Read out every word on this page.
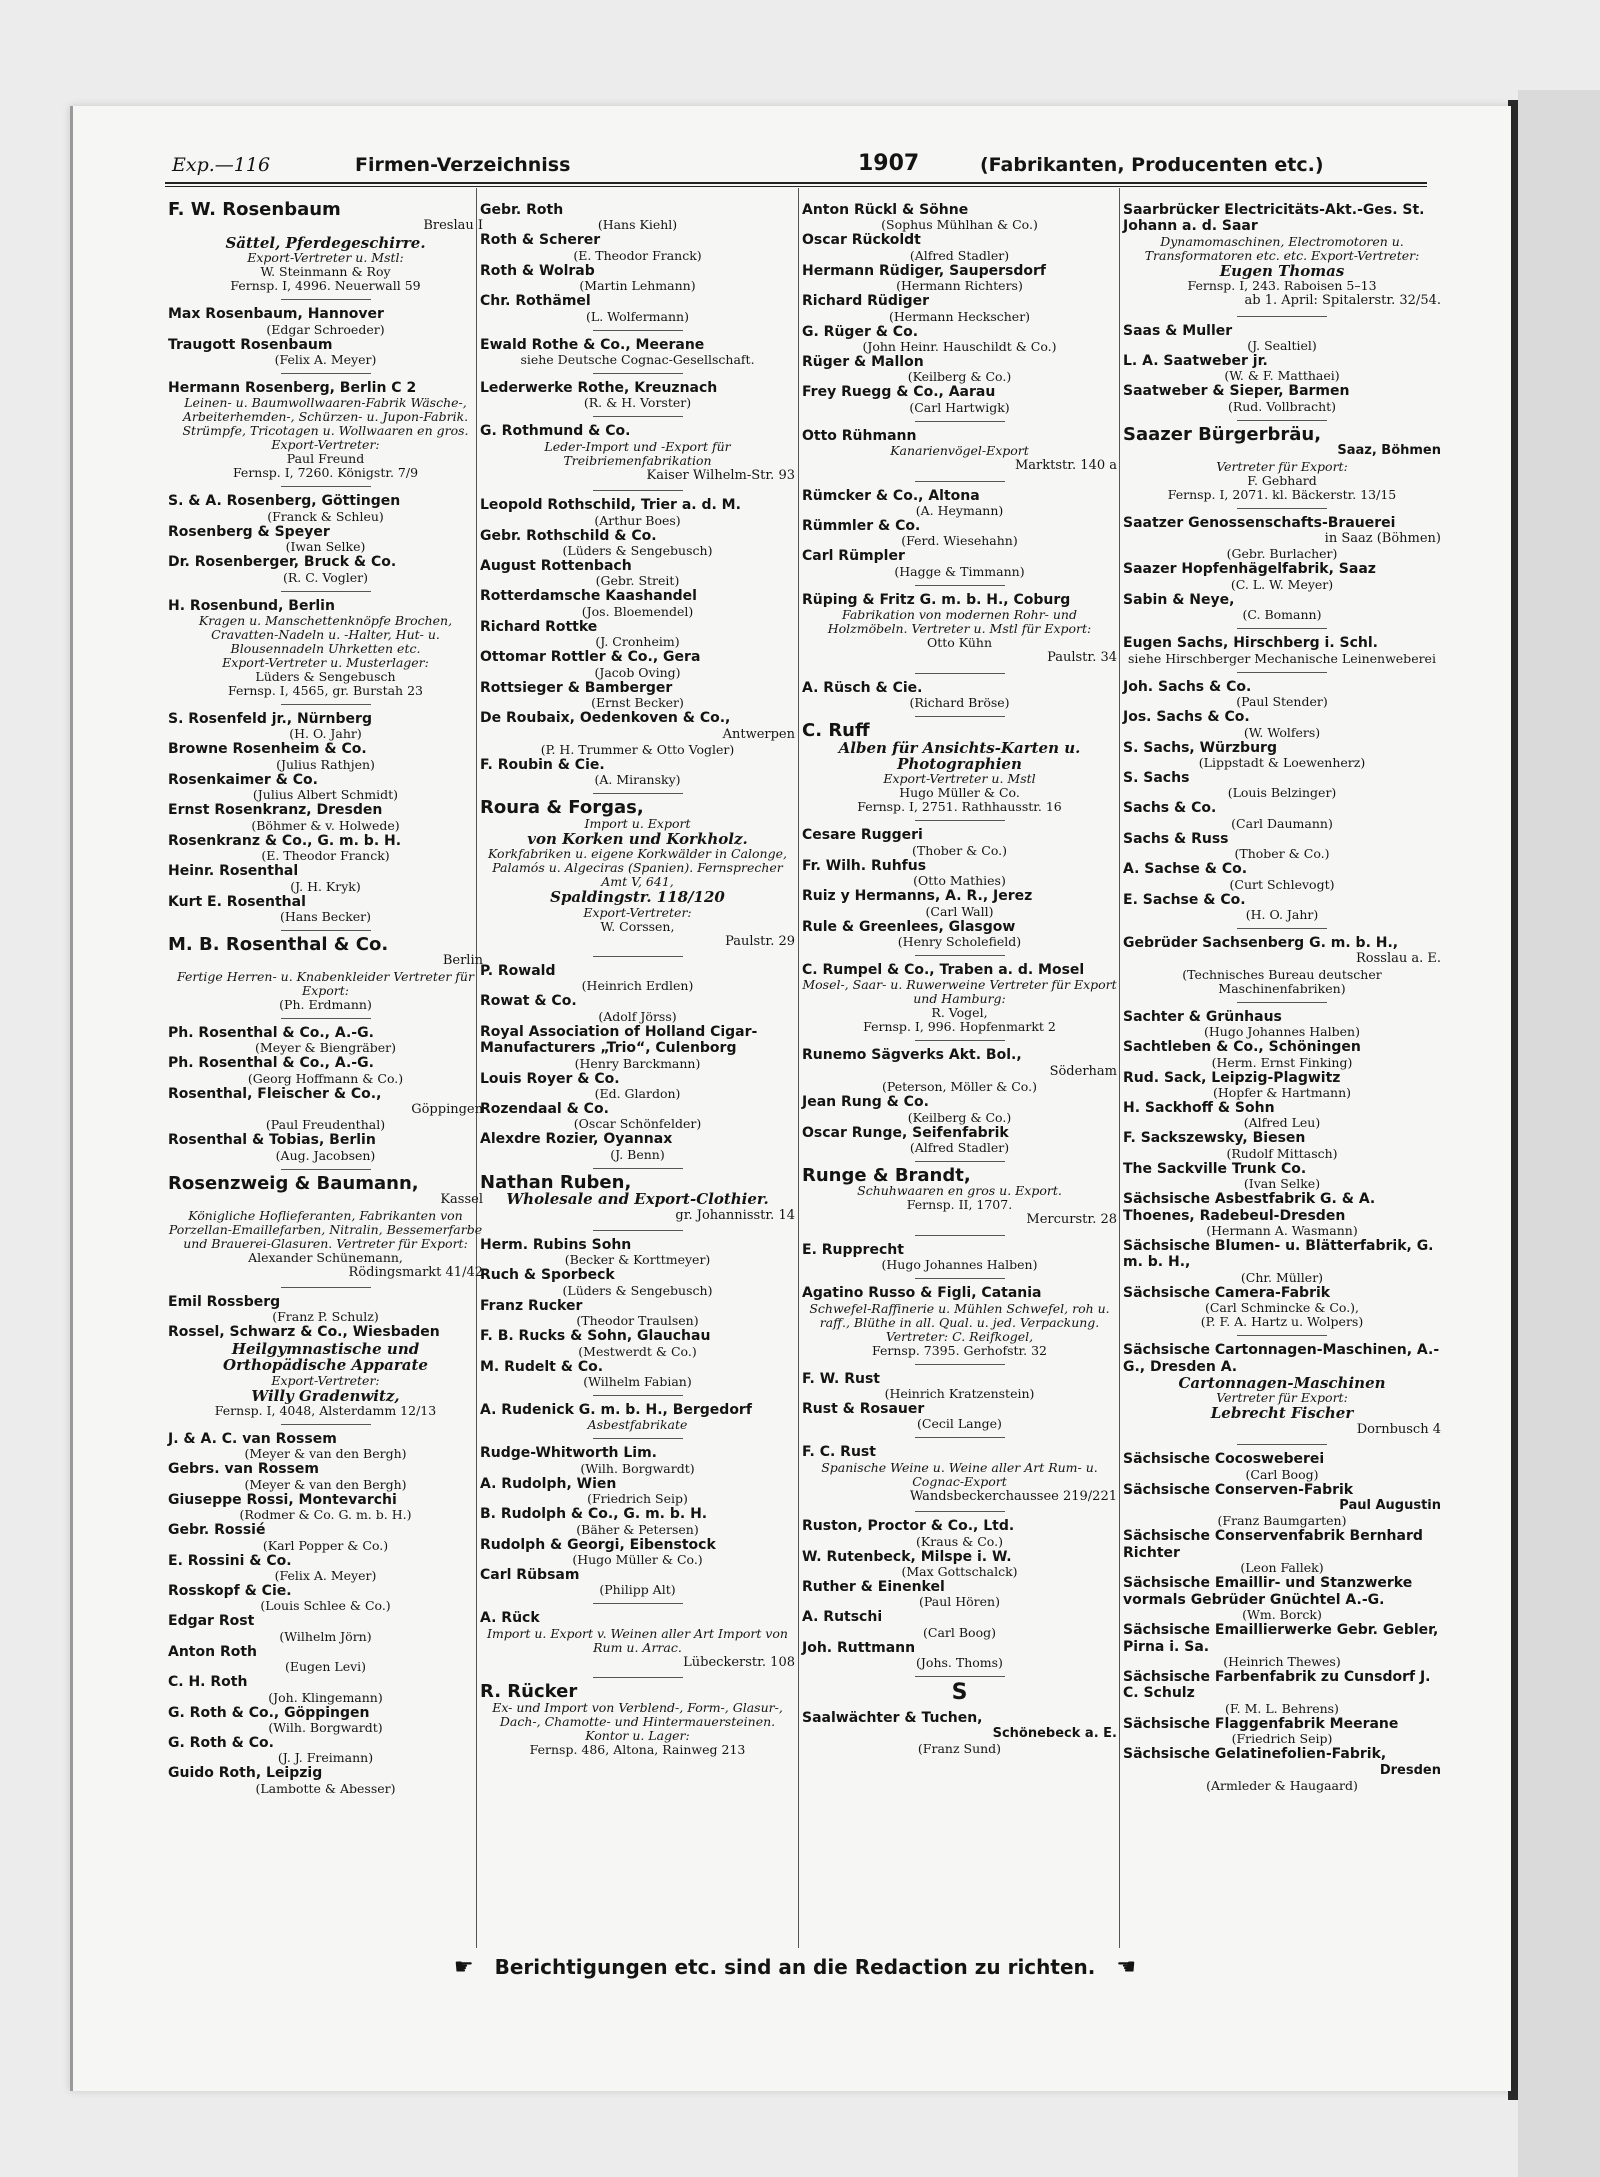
Exp.—116	Firmen-Verzeichniss	1907	(Fabrikanten, Producenten etc.)
F. W. Rosenbaum
Breslau I
Sättel, Pferdegeschirre.
Export-Vertreter u. Mstl:
W. Steinmann & Roy
Fernsp. I, 4996. Neuerwall 59
Max Rosenbaum, Hannover
(Edgar Schroeder)
Traugott Rosenbaum
(Felix A. Meyer)
Hermann Rosenberg, Berlin C 2
Leinen- u. Baumwollwaaren-Fabrik Wäsche-, Arbeiterhemden-, Schürzen- u. Jupon-Fabrik. Strümpfe, Tricotagen u. Wollwaaren en gros.
Export-Vertreter:
Paul Freund
Fernsp. I, 7260. Königstr. 7/9
S. & A. Rosenberg, Göttingen
(Franck & Schleu)
Rosenberg & Speyer
(Iwan Selke)
Dr. Rosenberger, Bruck & Co.
(R. C. Vogler)
H. Rosenbund, Berlin
Kragen u. Manschettenknöpfe Brochen, Cravatten-Nadeln u. -Halter, Hut- u. Blousennadeln Uhrketten etc.
Export-Vertreter u. Musterlager:
Lüders & Sengebusch
Fernsp. I, 4565, gr. Burstah 23
S. Rosenfeld jr., Nürnberg
(H. O. Jahr)
Browne Rosenheim & Co.
(Julius Rathjen)
Rosenkaimer & Co.
(Julius Albert Schmidt)
Ernst Rosenkranz, Dresden
(Böhmer & v. Holwede)
Rosenkranz & Co., G. m. b. H.
(E. Theodor Franck)
Heinr. Rosenthal
(J. H. Kryk)
Kurt E. Rosenthal
(Hans Becker)
M. B. Rosenthal & Co.
Berlin
Fertige Herren- u. Knabenkleider Vertreter für Export:
(Ph. Erdmann)
Ph. Rosenthal & Co., A.-G.
(Meyer & Biengräber)
Ph. Rosenthal & Co., A.-G.
(Georg Hoffmann & Co.)
Rosenthal, Fleischer & Co.,
Göppingen
(Paul Freudenthal)
Rosenthal & Tobias, Berlin
(Aug. Jacobsen)
Rosenzweig & Baumann,
Kassel
Königliche Hoflieferanten, Fabrikanten von Porzellan-Emaillefarben, Nitralin, Bessemerfarbe und Brauerei-Glasuren. Vertreter für Export:
Alexander Schünemann,
Rödingsmarkt 41/42
Emil Rossberg
(Franz P. Schulz)
Rossel, Schwarz & Co., Wiesbaden
Heilgymnastische und Orthopädische Apparate
Export-Vertreter:
Willy Gradenwitz,
Fernsp. I, 4048, Alsterdamm 12/13
J. & A. C. van Rossem
(Meyer & van den Bergh)
Gebrs. van Rossem
(Meyer & van den Bergh)
Giuseppe Rossi, Montevarchi
(Rodmer & Co. G. m. b. H.)
Gebr. Rossié
(Karl Popper & Co.)
E. Rossini & Co.
(Felix A. Meyer)
Rosskopf & Cie.
(Louis Schlee & Co.)
Edgar Rost
(Wilhelm Jörn)
Anton Roth
(Eugen Levi)
C. H. Roth
(Joh. Klingemann)
G. Roth & Co., Göppingen
(Wilh. Borgwardt)
G. Roth & Co.
(J. J. Freimann)
Guido Roth, Leipzig
(Lambotte & Abesser)
Gebr. Roth
(Hans Kiehl)
Roth & Scherer
(E. Theodor Franck)
Roth & Wolrab
(Martin Lehmann)
Chr. Rothämel
(L. Wolfermann)
Ewald Rothe & Co., Meerane
siehe Deutsche Cognac-Gesellschaft.
Lederwerke Rothe, Kreuznach
(R. & H. Vorster)
G. Rothmund & Co.
Leder-Import und -Export für Treibriemenfabrikation
Kaiser Wilhelm-Str. 93
Leopold Rothschild, Trier a. d. M.
(Arthur Boes)
Gebr. Rothschild & Co.
(Lüders & Sengebusch)
August Rottenbach
(Gebr. Streit)
Rotterdamsche Kaashandel
(Jos. Bloemendel)
Richard Rottke
(J. Cronheim)
Ottomar Rottler & Co., Gera
(Jacob Oving)
Rottsieger & Bamberger
(Ernst Becker)
De Roubaix, Oedenkoven & Co.,
Antwerpen
(P. H. Trummer & Otto Vogler)
F. Roubin & Cie.
(A. Miransky)
Roura & Forgas,
Import u. Export
von Korken und Korkholz.
Korkfabriken u. eigene Korkwälder in Calonge, Palamós u. Algeciras (Spanien). Fernsprecher Amt V, 641,
Spaldingstr. 118/120
Export-Vertreter:
W. Corssen,
Paulstr. 29
P. Rowald
(Heinrich Erdlen)
Rowat & Co.
(Adolf Jörss)
Royal Association of Holland Cigar-Manufacturers „Trio“, Culenborg
(Henry Barckmann)
Louis Royer & Co.
(Ed. Glardon)
Rozendaal & Co.
(Oscar Schönfelder)
Alexdre Rozier, Oyannax
(J. Benn)
Nathan Ruben,
Wholesale and Export-Clothier.
gr. Johannisstr. 14
Herm. Rubins Sohn
(Becker & Korttmeyer)
Ruch & Sporbeck
(Lüders & Sengebusch)
Franz Rucker
(Theodor Traulsen)
F. B. Rucks & Sohn, Glauchau
(Mestwerdt & Co.)
M. Rudelt & Co.
(Wilhelm Fabian)
A. Rudenick G. m. b. H., Bergedorf
Asbestfabrikate
Rudge-Whitworth Lim.
(Wilh. Borgwardt)
A. Rudolph, Wien
(Friedrich Seip)
B. Rudolph & Co., G. m. b. H.
(Bäher & Petersen)
Rudolph & Georgi, Eibenstock
(Hugo Müller & Co.)
Carl Rübsam
(Philipp Alt)
A. Rück
Import u. Export v. Weinen aller Art Import von Rum u. Arrac.
Lübeckerstr. 108
R. Rücker
Ex- und Import von Verblend-, Form-, Glasur-, Dach-, Chamotte- und Hintermauersteinen. Kontor u. Lager:
Fernsp. 486, Altona, Rainweg 213
Anton Rückl & Söhne
(Sophus Mühlhan & Co.)
Oscar Rückoldt
(Alfred Stadler)
Hermann Rüdiger, Saupersdorf
(Hermann Richters)
Richard Rüdiger
(Hermann Heckscher)
G. Rüger & Co.
(John Heinr. Hauschildt & Co.)
Rüger & Mallon
(Keilberg & Co.)
Frey Ruegg & Co., Aarau
(Carl Hartwigk)
Otto Rühmann
Kanarienvögel-Export
Marktstr. 140 a
Rümcker & Co., Altona
(A. Heymann)
Rümmler & Co.
(Ferd. Wiesehahn)
Carl Rümpler
(Hagge & Timmann)
Rüping & Fritz G. m. b. H., Coburg
Fabrikation von modernen Rohr- und Holzmöbeln. Vertreter u. Mstl für Export:
Otto Kühn
Paulstr. 34
A. Rüsch & Cie.
(Richard Bröse)
C. Ruff
Alben für Ansichts-Karten u. Photographien
Export-Vertreter u. Mstl
Hugo Müller & Co.
Fernsp. I, 2751. Rathhausstr. 16
Cesare Ruggeri
(Thober & Co.)
Fr. Wilh. Ruhfus
(Otto Mathies)
Ruiz y Hermanns, A. R., Jerez
(Carl Wall)
Rule & Greenlees, Glasgow
(Henry Scholefield)
C. Rumpel & Co., Traben a. d. Mosel
Mosel-, Saar- u. Ruwerweine Vertreter für Export und Hamburg:
R. Vogel,
Fernsp. I, 996. Hopfenmarkt 2
Runemo Sägverks Akt. Bol.,
Söderham
(Peterson, Möller & Co.)
Jean Rung & Co.
(Keilberg & Co.)
Oscar Runge, Seifenfabrik
(Alfred Stadler)
Runge & Brandt,
Schuhwaaren en gros u. Export.
Fernsp. II, 1707.
Mercurstr. 28
E. Rupprecht
(Hugo Johannes Halben)
Agatino Russo & Figli, Catania
Schwefel-Raffinerie u. Mühlen Schwefel, roh u. raff., Blüthe in all. Qual. u. jed. Verpackung. Vertreter: C. Reifkogel,
Fernsp. 7395. Gerhofstr. 32
F. W. Rust
(Heinrich Kratzenstein)
Rust & Rosauer
(Cecil Lange)
F. C. Rust
Spanische Weine u. Weine aller Art Rum- u. Cognac-Export
Wandsbeckerchaussee 219/221
Ruston, Proctor & Co., Ltd.
(Kraus & Co.)
W. Rutenbeck, Milspe i. W.
(Max Gottschalck)
Ruther & Einenkel
(Paul Hören)
A. Rutschi
(Carl Boog)
Joh. Ruttmann
(Johs. Thoms)
S
Saalwächter & Tuchen,
Schönebeck a. E.
(Franz Sund)
Saarbrücker Electricitäts-Akt.-Ges. St. Johann a. d. Saar
Dynamomaschinen, Electromotoren u. Transformatoren etc. etc. Export-Vertreter:
Eugen Thomas
Fernsp. I, 243. Raboisen 5–13
ab 1. April: Spitalerstr. 32/54.
Saas & Muller
(J. Sealtiel)
L. A. Saatweber jr.
(W. & F. Matthaei)
Saatweber & Sieper, Barmen
(Rud. Vollbracht)
Saazer Bürgerbräu,
Saaz, Böhmen
Vertreter für Export:
F. Gebhard
Fernsp. I, 2071. kl. Bäckerstr. 13/15
Saatzer Genossenschafts-Brauerei
in Saaz (Böhmen)
(Gebr. Burlacher)
Saazer Hopfenhägelfabrik, Saaz
(C. L. W. Meyer)
Sabin & Neye,
(C. Bomann)
Eugen Sachs, Hirschberg i. Schl.
siehe Hirschberger Mechanische Leinenweberei
Joh. Sachs & Co.
(Paul Stender)
Jos. Sachs & Co.
(W. Wolfers)
S. Sachs, Würzburg
(Lippstadt & Loewenherz)
S. Sachs
(Louis Belzinger)
Sachs & Co.
(Carl Daumann)
Sachs & Russ
(Thober & Co.)
A. Sachse & Co.
(Curt Schlevogt)
E. Sachse & Co.
(H. O. Jahr)
Gebrüder Sachsenberg G. m. b. H.,
Rosslau a. E.
(Technisches Bureau deutscher Maschinenfabriken)
Sachter & Grünhaus
(Hugo Johannes Halben)
Sachtleben & Co., Schöningen
(Herm. Ernst Finking)
Rud. Sack, Leipzig-Plagwitz
(Hopfer & Hartmann)
H. Sackhoff & Sohn
(Alfred Leu)
F. Sackszewsky, Biesen
(Rudolf Mittasch)
The Sackville Trunk Co.
(Ivan Selke)
Sächsische Asbestfabrik G. & A. Thoenes, Radebeul-Dresden
(Hermann A. Wasmann)
Sächsische Blumen- u. Blätterfabrik, G. m. b. H.,
(Chr. Müller)
Sächsische Camera-Fabrik
(Carl Schmincke & Co.),
(P. F. A. Hartz u. Wolpers)
Sächsische Cartonnagen-Maschinen, A.-G., Dresden A.
Cartonnagen-Maschinen
Vertreter für Export:
Lebrecht Fischer
Dornbusch 4
Sächsische Cocosweberei
(Carl Boog)
Sächsische Conserven-Fabrik
Paul Augustin
(Franz Baumgarten)
Sächsische Conservenfabrik Bernhard Richter
(Leon Fallek)
Sächsische Emaillir- und Stanzwerke vormals Gebrüder Gnüchtel A.-G.
(Wm. Borck)
Sächsische Emaillierwerke Gebr. Gebler, Pirna i. Sa.
(Heinrich Thewes)
Sächsische Farbenfabrik zu Cunsdorf J. C. Schulz
(F. M. L. Behrens)
Sächsische Flaggenfabrik Meerane
(Friedrich Seip)
Sächsische Gelatinefolien-Fabrik,
Dresden
(Armleder & Haugaard)
☛ Berichtigungen etc. sind an die Redaction zu richten. ☚
